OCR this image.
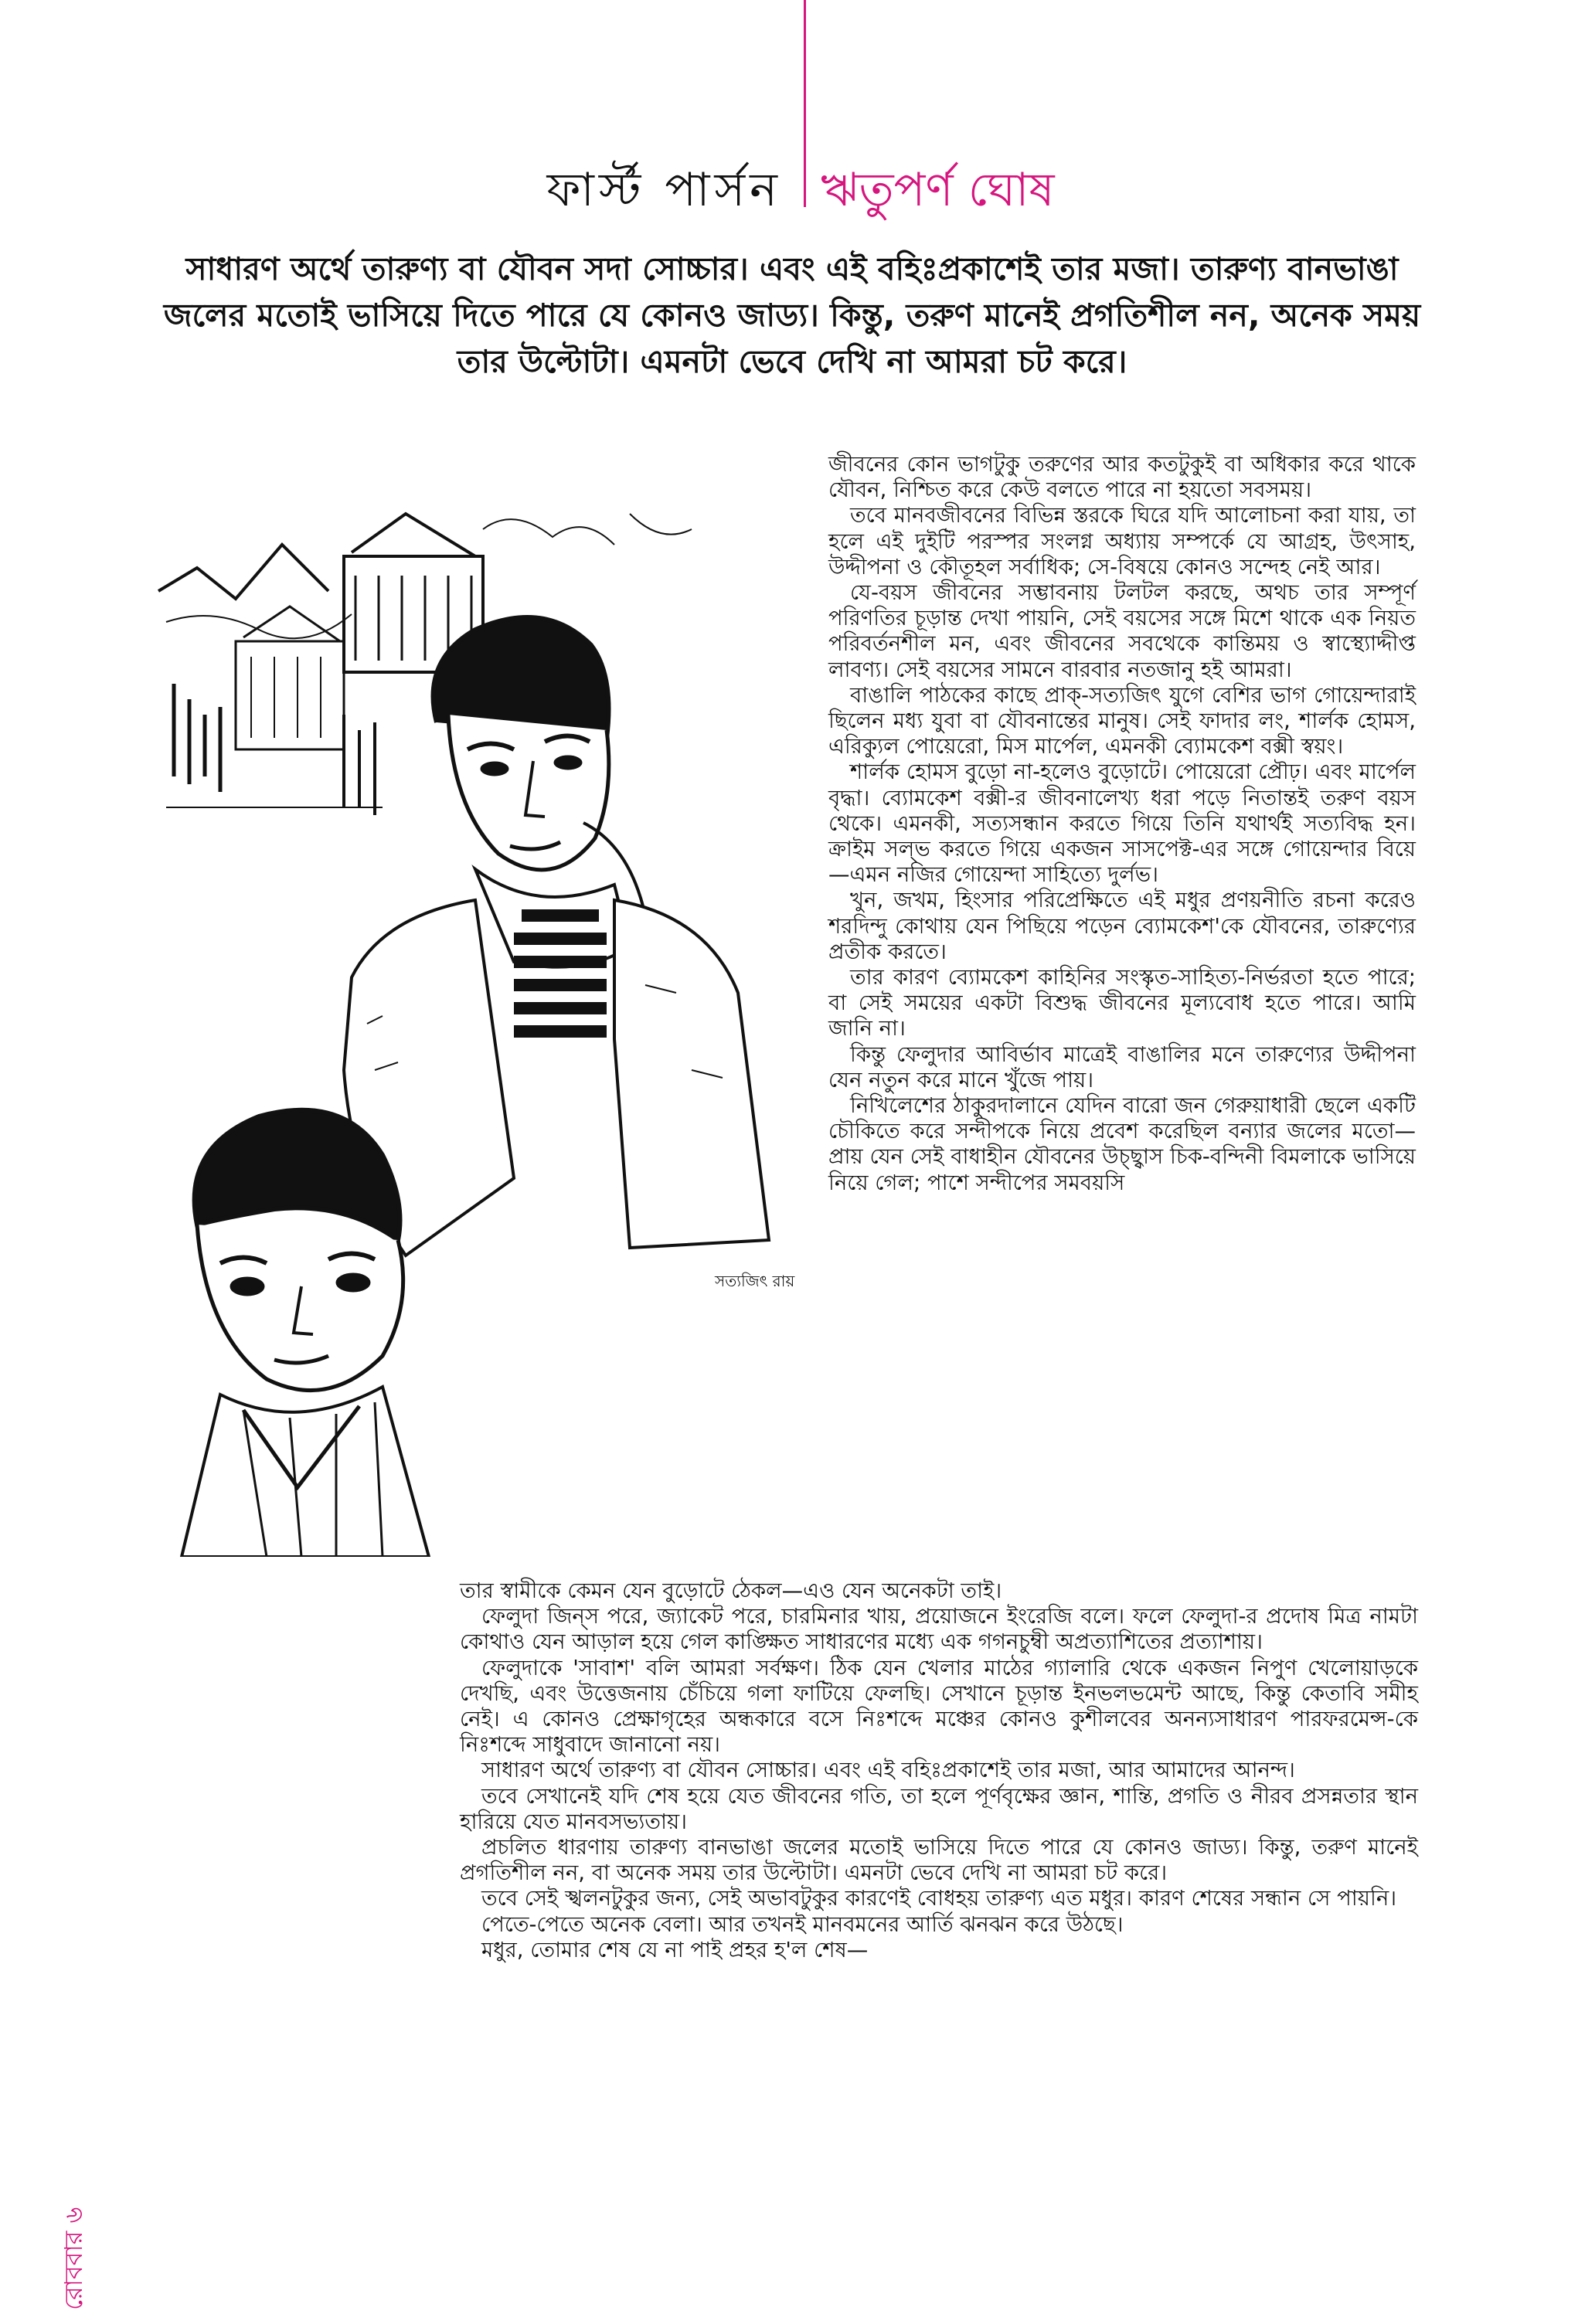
ফার্স্ট পার্সন ঋতুপর্ণ ঘোষ

সাধারণ অর্থে তারুণ্য বা যৌবন সদা সোচ্চার। এবং এই বহিঃপ্রকাশেই তার মজা। তারুণ্য বানভাঙা

জলের মতোই ভাসিয়ে দিতে পারে যে কোনও জাড্য। কিন্তু, তরুণ মানেই প্রগতিশীল নন, অনেক সময়

তার উল্টোটা। এমনটা ভেবে দেখি না আমরা চট করে।

সত্যজিৎ রায়

জীবনের কোন ভাগটুকু তরুণের আর কতটুকুই বা অধিকার করে থাকে যৌবন, নিশ্চিত করে কেউ বলতে পারে না হয়তো সবসময়।

তবে মানবজীবনের বিভিন্ন স্তরকে ঘিরে যদি আলোচনা করা যায়, তা হলে এই দুইটি পরস্পর সংলগ্ন অধ্যায় সম্পর্কে যে আগ্রহ, উৎসাহ, উদ্দীপনা ও কৌতূহল সর্বাধিক; সে-বিষয়ে কোনও সন্দেহ নেই আর।

যে-বয়স জীবনের সম্ভাবনায় টলটল করছে, অথচ তার সম্পূর্ণ পরিণতির চূড়ান্ত দেখা পায়নি, সেই বয়সের সঙ্গে মিশে থাকে এক নিয়ত পরিবর্তনশীল মন, এবং জীবনের সবথেকে কান্তিময় ও স্বাস্থ্যোদ্দীপ্ত লাবণ্য। সেই বয়সের সামনে বারবার নতজানু হই আমরা।

বাঙালি পাঠকের কাছে প্রাক্-সত্যজিৎ যুগে বেশির ভাগ গোয়েন্দারাই ছিলেন মধ্য যুবা বা যৌবনান্তের মানুষ। সেই ফাদার লং, শার্লক হোমস, এরিক্যুল পোয়েরো, মিস মার্পেল, এমনকী ব্যোমকেশ বক্সী স্বয়ং।

শার্লক হোমস বুড়ো না-হলেও বুড়োটে। পোয়েরো প্রৌঢ়। এবং মার্পেল বৃদ্ধা। ব্যোমকেশ বক্সী-র জীবনালেখ্য ধরা পড়ে নিতান্তই তরুণ বয়স থেকে। এমনকী, সত্যসন্ধান করতে গিয়ে তিনি যথার্থই সত্যবিদ্ধ হন। ক্রাইম সল্ভ করতে গিয়ে একজন সাসপেক্ট-এর সঙ্গে গোয়েন্দার বিয়ে—এমন নজির গোয়েন্দা সাহিত্যে দুর্লভ।

খুন, জখম, হিংসার পরিপ্রেক্ষিতে এই মধুর প্রণয়নীতি রচনা করেও শরদিন্দু কোথায় যেন পিছিয়ে পড়েন ব্যোমকেশ'কে যৌবনের, তারুণ্যের প্রতীক করতে।

তার কারণ ব্যোমকেশ কাহিনির সংস্কৃত-সাহিত্য-নির্ভরতা হতে পারে; বা সেই সময়ের একটা বিশুদ্ধ জীবনের মূল্যবোধ হতে পারে। আমি জানি না।

কিন্তু ফেলুদার আবির্ভাব মাত্রেই বাঙালির মনে তারুণ্যের উদ্দীপনা যেন নতুন করে মানে খুঁজে পায়।

নিখিলেশের ঠাকুরদালানে যেদিন বারো জন গেরুয়াধারী ছেলে একটি চৌকিতে করে সন্দীপকে নিয়ে প্রবেশ করেছিল বন্যার জলের মতো—প্রায় যেন সেই বাধাহীন যৌবনের উচ্ছ্বাস চিক-বন্দিনী বিমলাকে ভাসিয়ে নিয়ে গেল; পাশে সন্দীপের সমবয়সি

তার স্বামীকে কেমন যেন বুড়োটে ঠেকল—এও যেন অনেকটা তাই।

ফেলুদা জিন্‌স পরে, জ্যাকেট পরে, চারমিনার খায়, প্রয়োজনে ইংরেজি বলে। ফলে ফেলুদা-র প্রদোষ মিত্র নামটা কোথাও যেন আড়াল হয়ে গেল কাঙ্ক্ষিত সাধারণের মধ্যে এক গগনচুম্বী অপ্রত্যাশিতের প্রত্যাশায়।

ফেলুদাকে 'সাবাশ' বলি আমরা সর্বক্ষণ। ঠিক যেন খেলার মাঠের গ্যালারি থেকে একজন নিপুণ খেলোয়াড়কে দেখছি, এবং উত্তেজনায় চেঁচিয়ে গলা ফাটিয়ে ফেলছি। সেখানে চূড়ান্ত ইনভলভমেন্ট আছে, কিন্তু কেতাবি সমীহ নেই। এ কোনও প্রেক্ষাগৃহের অন্ধকারে বসে নিঃশব্দে মঞ্চের কোনও কুশীলবের অনন্যসাধারণ পারফরমেন্স-কে নিঃশব্দে সাধুবাদে জানানো নয়।

সাধারণ অর্থে তারুণ্য বা যৌবন সোচ্চার। এবং এই বহিঃপ্রকাশেই তার মজা, আর আমাদের আনন্দ।

তবে সেখানেই যদি শেষ হয়ে যেত জীবনের গতি, তা হলে পূর্ণবৃক্ষের জ্ঞান, শান্তি, প্রগতি ও নীরব প্রসন্নতার স্থান হারিয়ে যেত মানবসভ্যতায়।

প্রচলিত ধারণায় তারুণ্য বানভাঙা জলের মতোই ভাসিয়ে দিতে পারে যে কোনও জাড্য। কিন্তু, তরুণ মানেই প্রগতিশীল নন, বা অনেক সময় তার উল্টোটা। এমনটা ভেবে দেখি না আমরা চট করে।

তবে সেই স্খলনটুকুর জন্য, সেই অভাবটুকুর কারণেই বোধহয় তারুণ্য এত মধুর। কারণ শেষের সন্ধান সে পায়নি।

পেতে-পেতে অনেক বেলা। আর তখনই মানবমনের আর্তি ঝনঝন করে উঠছে।

মধুর, তোমার শেষ যে না পাই প্রহর হ'ল শেষ—

রোববার ৬
